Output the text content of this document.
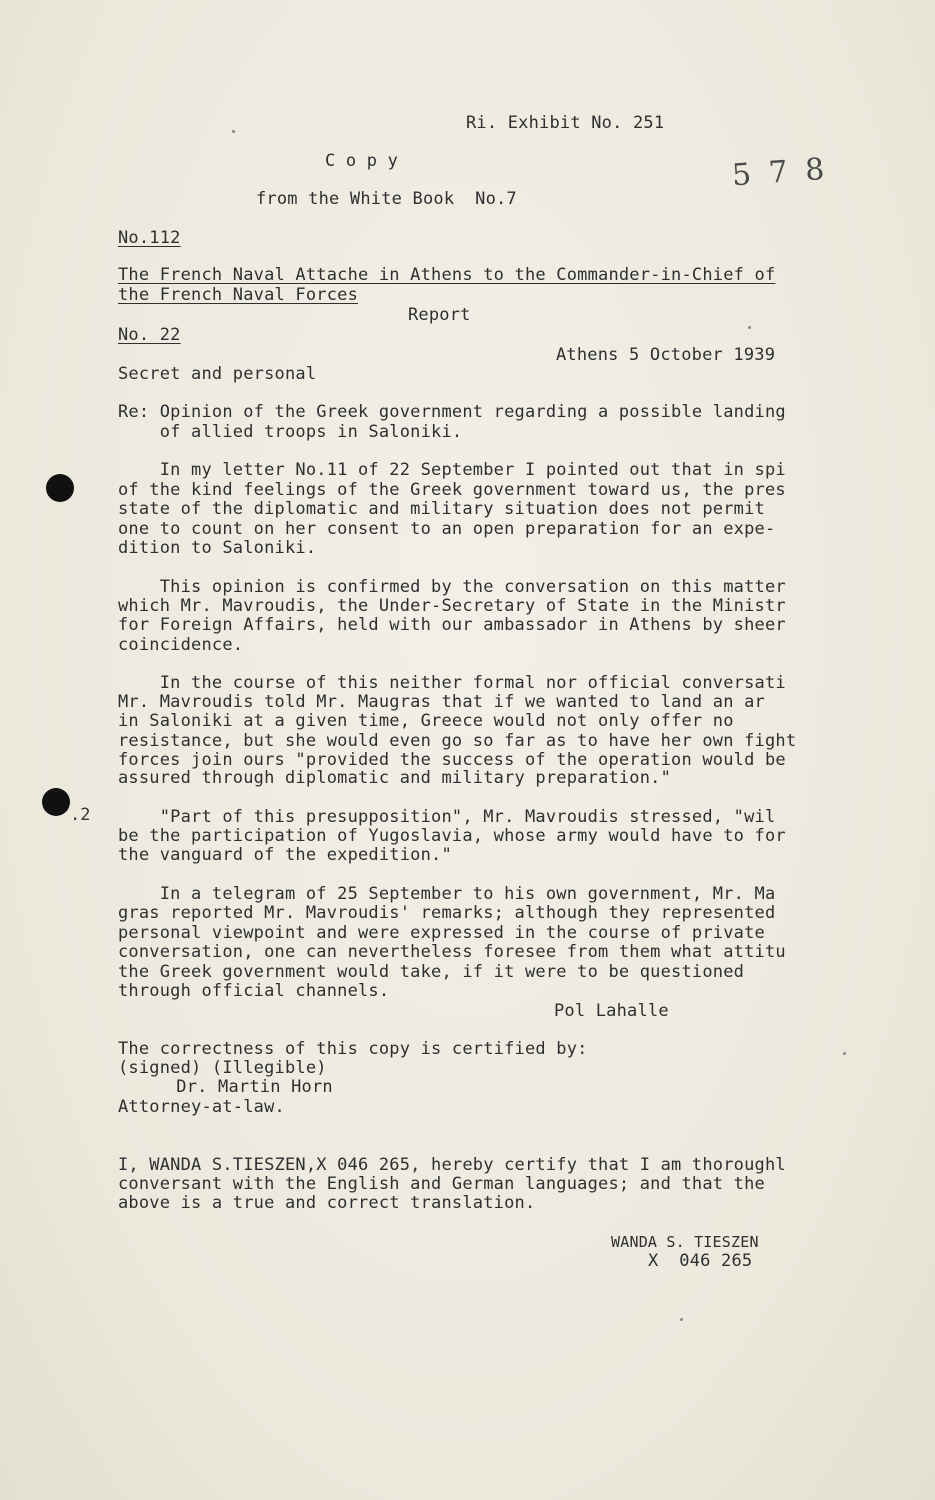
Ri. Exhibit No. 251
C o p y	5 7 8
from the White Book  No.7
No.112
The French Naval Attache in Athens to the Commander-in-Chief of
the French Naval Forces
Report
No. 22
Athens 5 October 1939
Secret and personal
Re: Opinion of the Greek government regarding a possible landing
of allied troops in Saloniki.
In my letter No.11 of 22 September I pointed out that in spi
of the kind feelings of the Greek government toward us, the pres
state of the diplomatic and military situation does not permit
one to count on her consent to an open preparation for an expe-
dition to Saloniki.
This opinion is confirmed by the conversation on this matter
which Mr. Mavroudis, the Under-Secretary of State in the Ministr
for Foreign Affairs, held with our ambassador in Athens by sheer
coincidence.
In the course of this neither formal nor official conversati
Mr. Mavroudis told Mr. Maugras that if we wanted to land an ar
in Saloniki at a given time, Greece would not only offer no
resistance, but she would even go so far as to have her own fight
forces join ours "provided the success of the operation would be
assured through diplomatic and military preparation."
.2 "Part of this presupposition", Mr. Mavroudis stressed, "wil
be the participation of Yugoslavia, whose army would have to for
the vanguard of the expedition."
In a telegram of 25 September to his own government, Mr. Ma
gras reported Mr. Mavroudis' remarks; although they represented
personal viewpoint and were expressed in the course of private
conversation, one can nevertheless foresee from them what attitu
the Greek government would take, if it were to be questioned
through official channels.
Pol Lahalle
The correctness of this copy is certified by:
(signed) (Illegible)
Dr. Martin Horn
Attorney-at-law.
I, WANDA S.TIESZEN,X 046 265, hereby certify that I am thoroughl
conversant with the English and German languages; and that the
above is a true and correct translation.
WANDA S. TIESZEN
X  046 265
